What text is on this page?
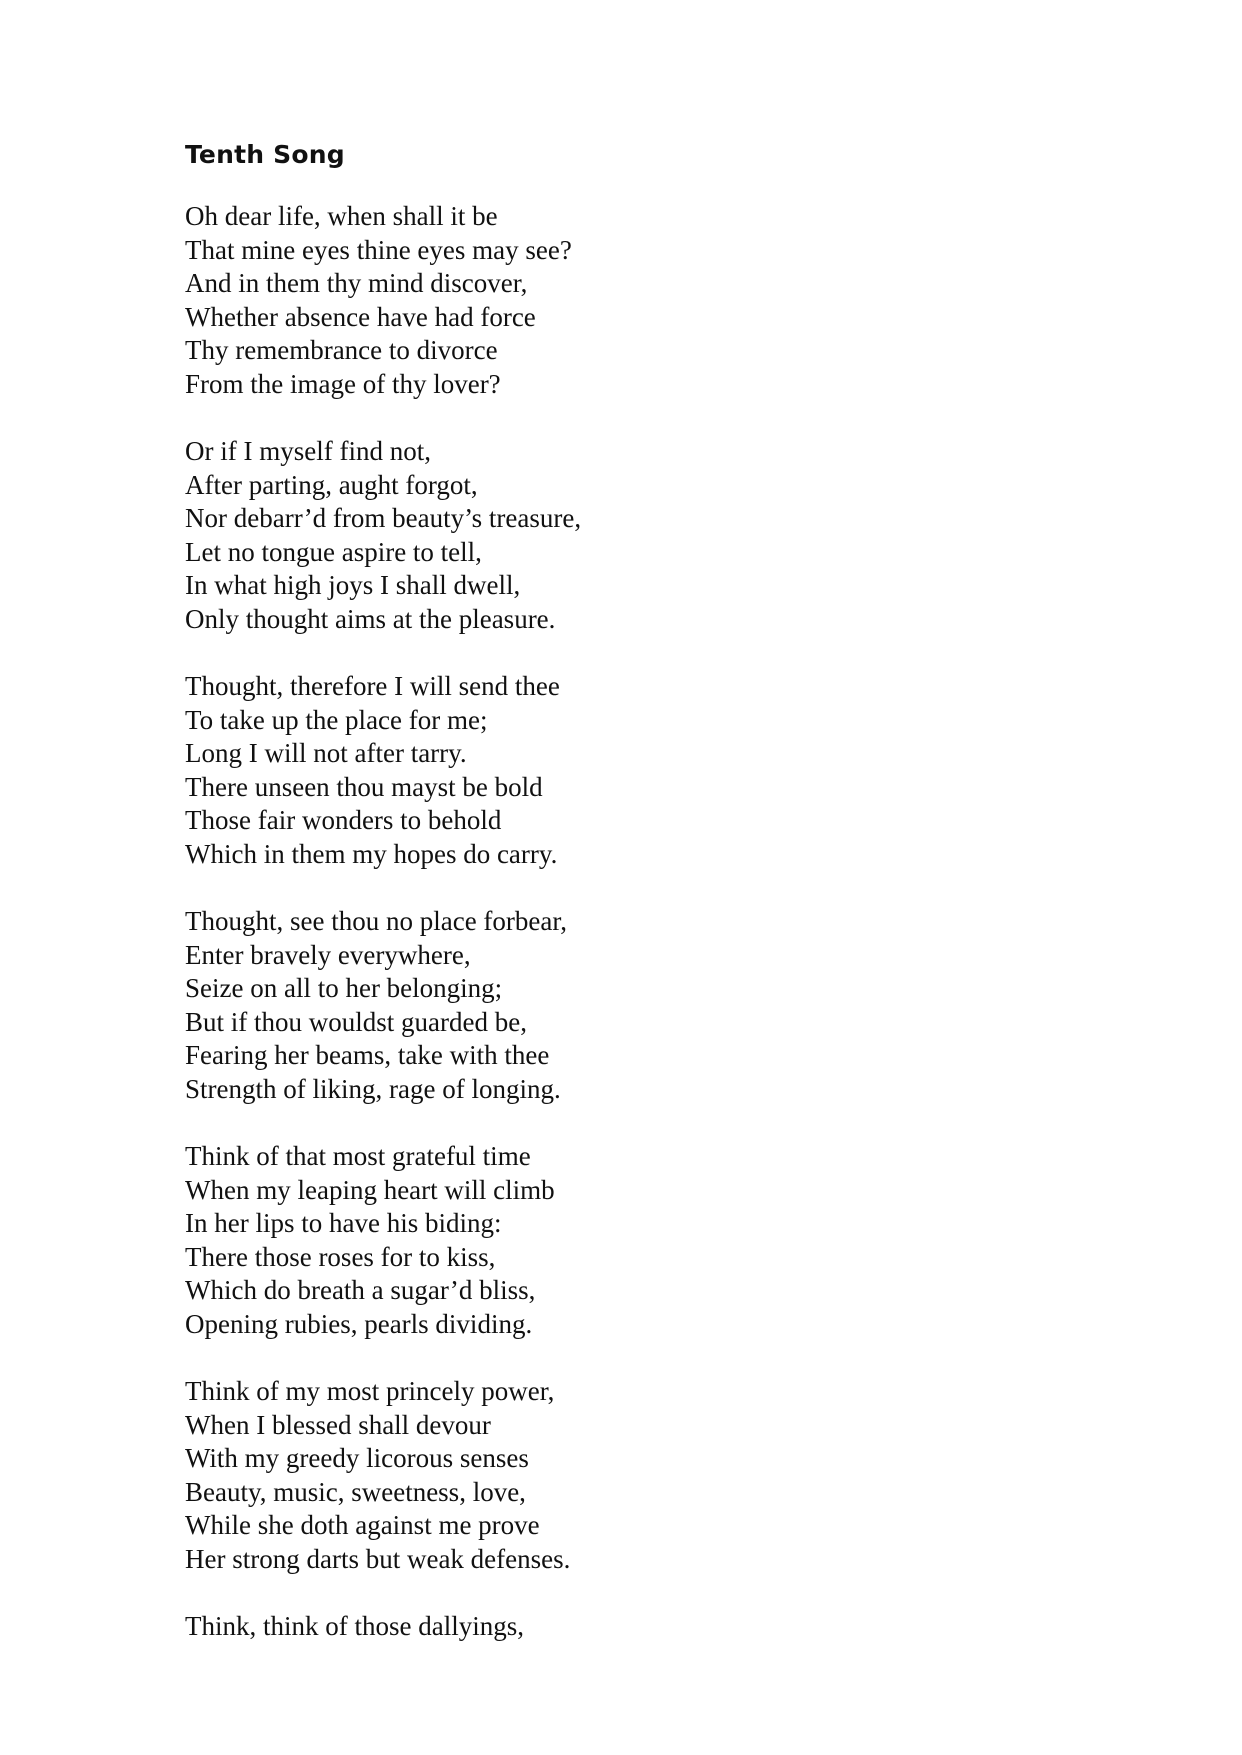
Tenth Song
Oh dear life, when shall it be
That mine eyes thine eyes may see?
And in them thy mind discover,
Whether absence have had force
Thy remembrance to divorce
From the image of thy lover?
Or if I myself find not,
After parting, aught forgot,
Nor debarr’d from beauty’s treasure,
Let no tongue aspire to tell,
In what high joys I shall dwell,
Only thought aims at the pleasure.
Thought, therefore I will send thee
To take up the place for me;
Long I will not after tarry.
There unseen thou mayst be bold
Those fair wonders to behold
Which in them my hopes do carry.
Thought, see thou no place forbear,
Enter bravely everywhere,
Seize on all to her belonging;
But if thou wouldst guarded be,
Fearing her beams, take with thee
Strength of liking, rage of longing.
Think of that most grateful time
When my leaping heart will climb
In her lips to have his biding:
There those roses for to kiss,
Which do breath a sugar’d bliss,
Opening rubies, pearls dividing.
Think of my most princely power,
When I blessed shall devour
With my greedy licorous senses
Beauty, music, sweetness, love,
While she doth against me prove
Her strong darts but weak defenses.
Think, think of those dallyings,
